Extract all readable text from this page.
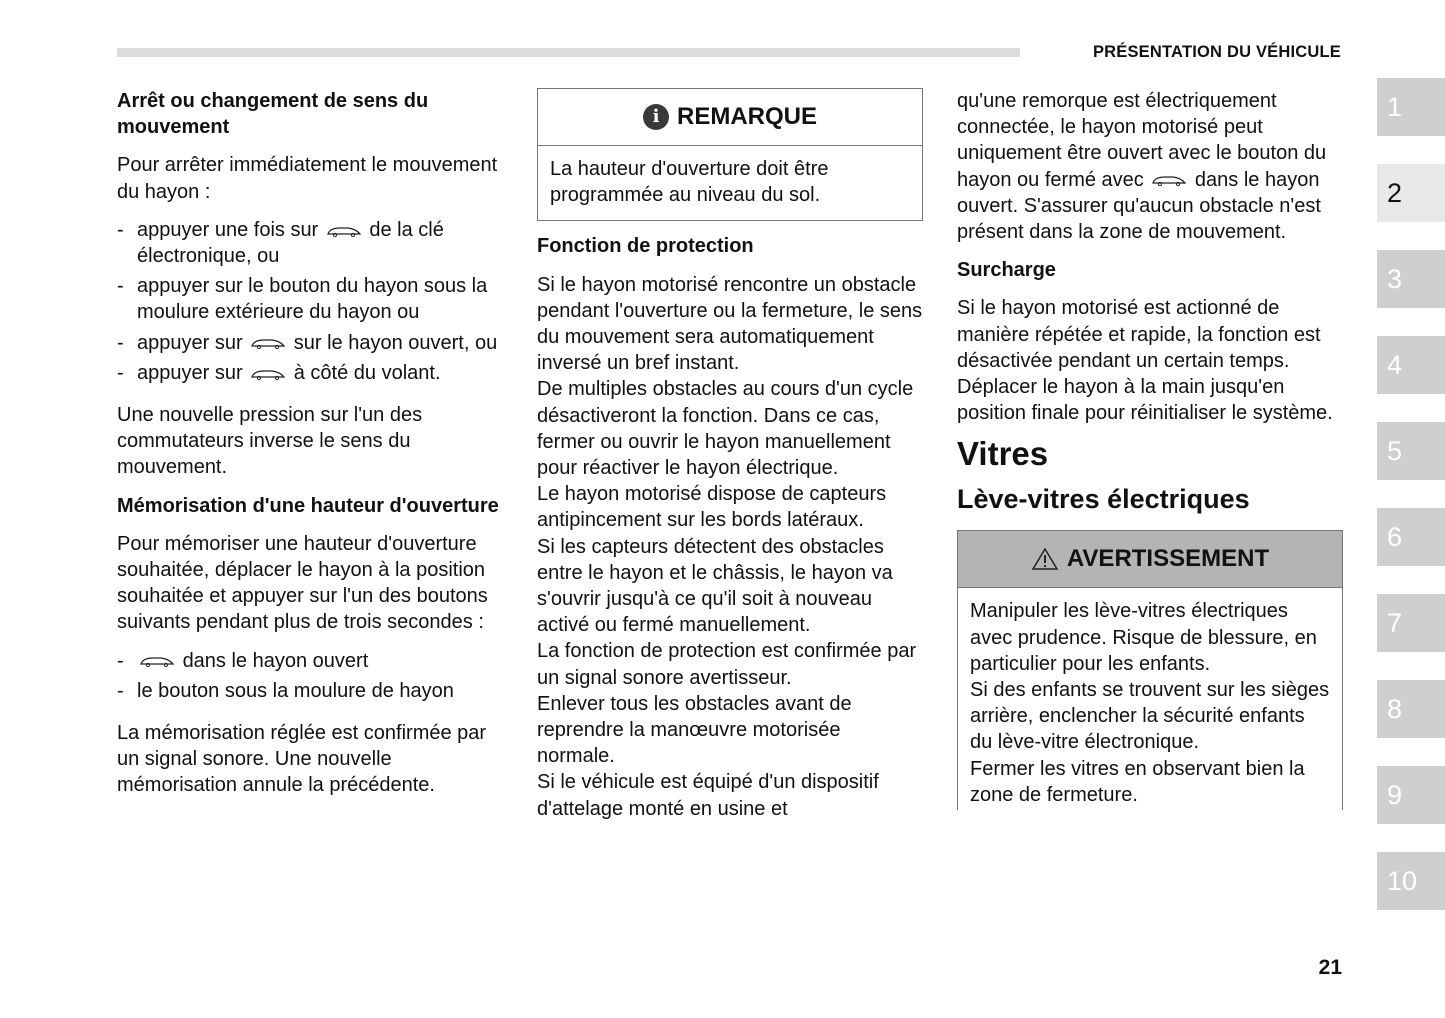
PRÉSENTATION DU VÉHICULE
Arrêt ou changement de sens du mouvement

Pour arrêter immédiatement le mouvement du hayon :

- appuyer une fois sur	de la clé électronique, ou
- appuyer sur le bouton du hayon sous la moulure extérieure du hayon ou
- appuyer sur	sur le hayon ouvert, ou
- appuyer sur	à côté du volant.

Une nouvelle pression sur l'un des commutateurs inverse le sens du mouvement.

Mémorisation d'une hauteur d'ouverture

Pour mémoriser une hauteur d'ouverture souhaitée, déplacer le hayon à la position souhaitée et appuyer sur l'un des boutons suivants pendant plus de trois secondes :

- dans le hayon ouvert
- le bouton sous la moulure de hayon

La mémorisation réglée est confirmée par un signal sonore. Une nouvelle mémorisation annule la précédente.

i REMARQUE

La hauteur d'ouverture doit être programmée au niveau du sol.

Fonction de protection

Si le hayon motorisé rencontre un obstacle pendant l'ouverture ou la fermeture, le sens du mouvement sera automatiquement inversé un bref instant.

De multiples obstacles au cours d'un cycle désactiveront la fonction. Dans ce cas, fermer ou ouvrir le hayon manuellement pour réactiver le hayon électrique.

Le hayon motorisé dispose de capteurs antipincement sur les bords latéraux.

Si les capteurs détectent des obstacles entre le hayon et le châssis, le hayon va s'ouvrir jusqu'à ce qu'il soit à nouveau activé ou fermé manuellement.

La fonction de protection est confirmée par un signal sonore avertisseur.

Enlever tous les obstacles avant de reprendre la manœuvre motorisée normale.

Si le véhicule est équipé d'un dispositif d'attelage monté en usine et

qu'une remorque est électriquement connectée, le hayon motorisé peut uniquement être ouvert avec le bouton du hayon ou fermé avec	dans le hayon ouvert. S'assurer qu'aucun obstacle n'est présent dans la zone de mouvement.

Surcharge

Si le hayon motorisé est actionné de manière répétée et rapide, la fonction est désactivée pendant un certain temps.

Déplacer le hayon à la main jusqu'en position finale pour réinitialiser le système.

Vitres
Lève-vitres électriques
AVERTISSEMENT

Manipuler les lève-vitres électriques avec prudence. Risque de blessure, en particulier pour les enfants.

Si des enfants se trouvent sur les sièges arrière, enclencher la sécurité enfants du lève-vitre électronique.

Fermer les vitres en observant bien la zone de fermeture.

1
2
3
4
5
6
7
8
9
10
21
